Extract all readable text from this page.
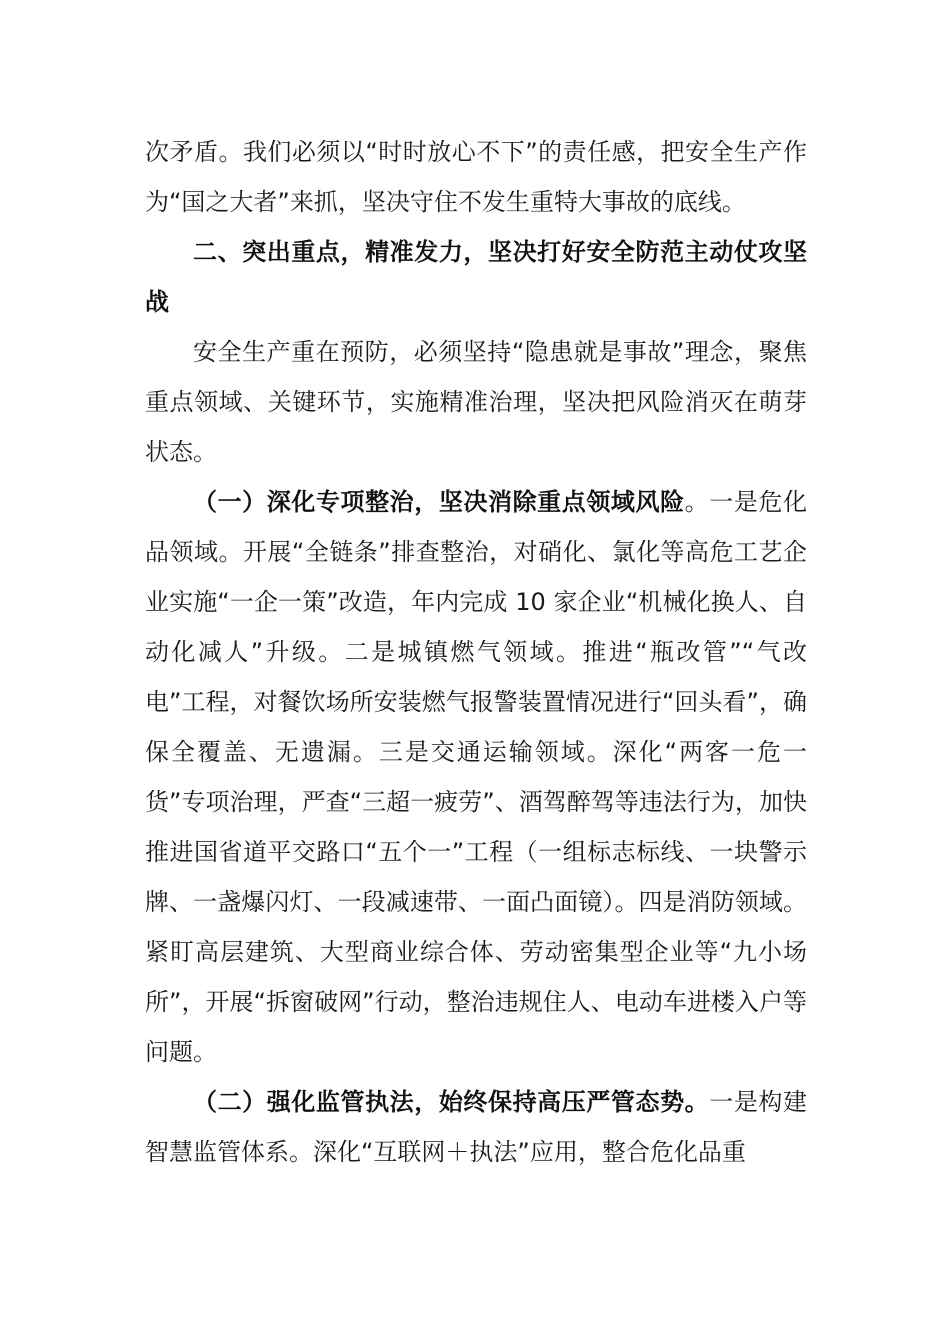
次矛盾。我们必须以“时时放心不下”的责任感，把安全生产作为“国之大者”来抓，坚决守住不发生重特大事故的底线。

二、突出重点，精准发力，坚决打好安全防范主动仗攻坚战

安全生产重在预防，必须坚持“隐患就是事故”理念，聚焦重点领域、关键环节，实施精准治理，坚决把风险消灭在萌芽状态。

（一）深化专项整治，坚决消除重点领域风险。一是危化品领域。开展“全链条”排查整治，对硝化、氯化等高危工艺企业实施“一企一策”改造，年内完成 10 家企业“机械化换人、自动化减人”升级。二是城镇燃气领域。推进“瓶改管”“气改电”工程，对餐饮场所安装燃气报警装置情况进行“回头看”，确保全覆盖、无遗漏。三是交通运输领域。深化“两客一危一货”专项治理，严查“三超一疲劳”、酒驾醉驾等违法行为，加快推进国省道平交路口“五个一”工程（一组标志标线、一块警示牌、一盏爆闪灯、一段减速带、一面凸面镜）。四是消防领域。紧盯高层建筑、大型商业综合体、劳动密集型企业等“九小场所”，开展“拆窗破网”行动，整治违规住人、电动车进楼入户等问题。

（二）强化监管执法，始终保持高压严管态势。一是构建智慧监管体系。深化“互联网＋执法”应用，整合危化品重
